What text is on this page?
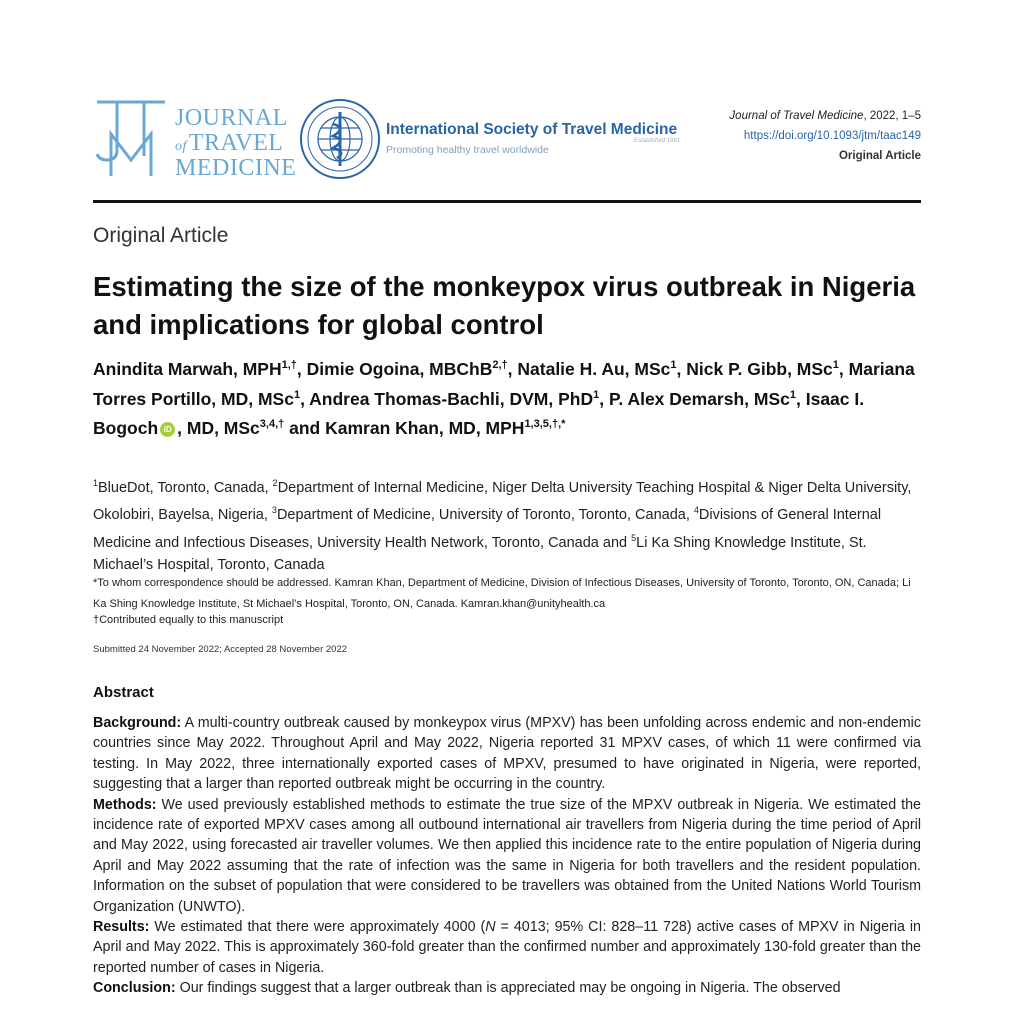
JOURNAL
ofTRAVEL
MEDICINE
International Society of Travel Medicine
Promoting healthy travel worldwide
Established 1991
Journal of Travel Medicine, 2022, 1–5
https://doi.org/10.1093/jtm/taac149
Original Article
Original Article
Estimating the size of the monkeypox virus outbreak in Nigeria and implications for global control
Anindita Marwah, $MPH^{1,\dagger}$, Dimie Ogoina, MBChB$^{2,\dagger}$, Natalie H. Au, MSc$^1$, Nick P. Gibb, MSc$^1$, Mariana Torres Portillo, MD, MSc$^1$, Andrea Thomas-Bachli, DVM, PhD$^1$, P. Alex Demarsh, MSc$^1$, Isaac I. Bogoch iD , MD, MSc$^{3,4,\dagger}$ and Kamran Khan, MD, $MPH^{1,3,5,\dagger,*}$
$^1$BlueDot, Toronto, Canada, $^2$Department of Internal Medicine, Niger Delta University Teaching Hospital & Niger Delta University, Okolobiri, Bayelsa, Nigeria, $^3$Department of Medicine, University of Toronto, Toronto, Canada, $^4$Divisions of General Internal Medicine and Infectious Diseases, University Health Network, Toronto, Canada and $^5$Li Ka Shing Knowledge Institute, St. Michael’s Hospital, Toronto, Canada
*To whom correspondence should be addressed. Kamran Khan, Department of Medicine, Division of Infectious Diseases, University of Toronto, Toronto, ON, Canada; Li Ka Shing Knowledge Institute, St Michael’s Hospital, Toronto, ON, Canada. Kamran.khan@unityhealth.ca
†Contributed equally to this manuscript
Submitted 24 November 2022; Accepted 28 November 2022
Abstract

Background: A multi-country outbreak caused by monkeypox virus (MPXV) has been unfolding across endemic and non-endemic countries since May 2022. Throughout April and May 2022, Nigeria reported 31 MPXV cases, of which 11 were confirmed via testing. In May 2022, three internationally exported cases of MPXV, presumed to have originated in Nigeria, were reported, suggesting that a larger than reported outbreak might be occurring in the country.

Methods: We used previously established methods to estimate the true size of the MPXV outbreak in Nigeria. We estimated the incidence rate of exported MPXV cases among all outbound international air travellers from Nigeria during the time period of April and May 2022, using forecasted air traveller volumes. We then applied this incidence rate to the entire population of Nigeria during April and May 2022 assuming that the rate of infection was the same in Nigeria for both travellers and the resident population. Information on the subset of population that were considered to be travellers was obtained from the United Nations World Tourism Organization (UNWTO).

Results: We estimated that there were approximately 4000 (N = 4013; 95% CI: 828–11 728) active cases of MPXV in Nigeria in April and May 2022. This is approximately 360-fold greater than the confirmed number and approximately 130-fold greater than the reported number of cases in Nigeria.

Conclusion: Our findings suggest that a larger outbreak than is appreciated may be ongoing in Nigeria. The observed
